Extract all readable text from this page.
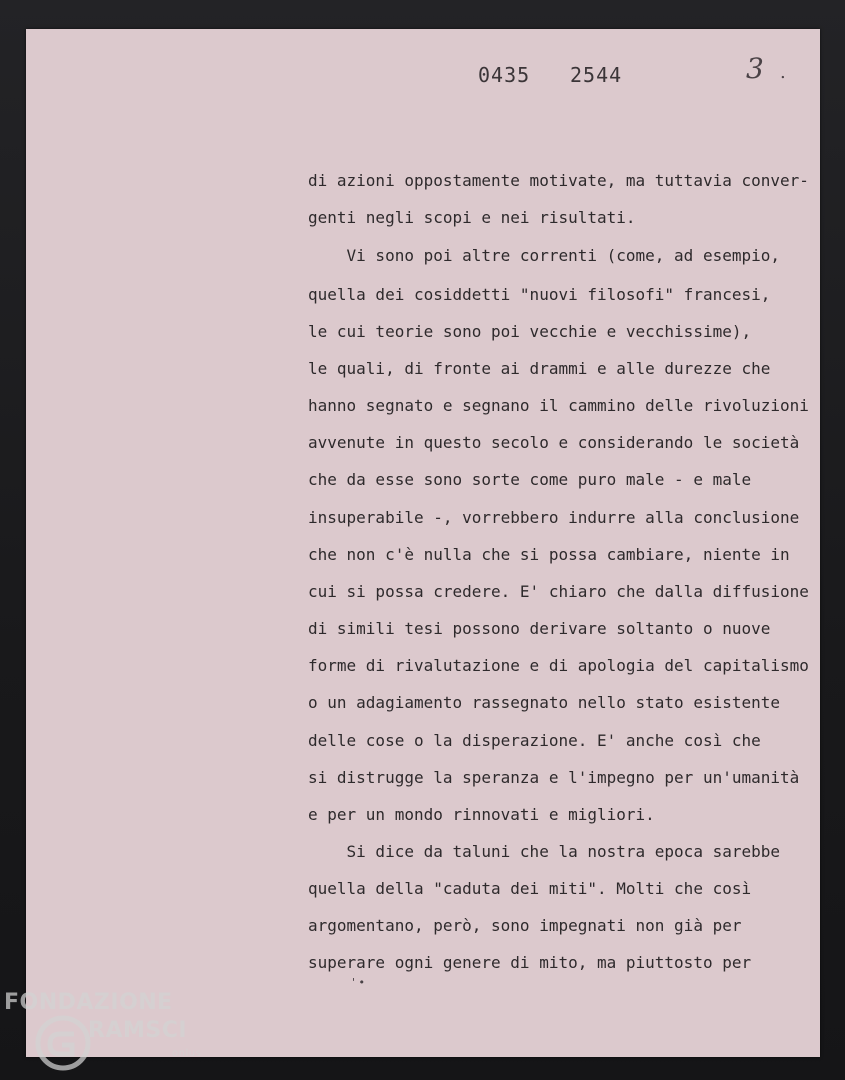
0435 2544	3 .
di azioni oppostamente motivate, ma tuttavia conver-
genti negli scopi e nei risultati.
Vi sono poi altre correnti (come, ad esempio,
quella dei cosiddetti "nuovi filosofi" francesi,
le cui teorie sono poi vecchie e vecchissime),
le quali, di fronte ai drammi e alle durezze che
hanno segnato e segnano il cammino delle rivoluzioni
avvenute in questo secolo e considerando le società
che da esse sono sorte come puro male - e male
insuperabile -, vorrebbero indurre alla conclusione
che non c'è nulla che si possa cambiare, niente in
cui si possa credere. E' chiaro che dalla diffusione
di simili tesi possono derivare soltanto o nuove
forme di rivalutazione e di apologia del capitalismo
o un adagiamento rassegnato nello stato esistente
delle cose o la disperazione. E' anche così che
si distrugge la speranza e l'impegno per un'umanità
e per un mondo rinnovati e migliori.
Si dice da taluni che la nostra epoca sarebbe
quella della "caduta dei miti". Molti che così
argomentano, però, sono impegnati non già per
superare ogni genere di mito, ma piuttosto per
' •
FONDAZIONE
RAMSCI
onlus
